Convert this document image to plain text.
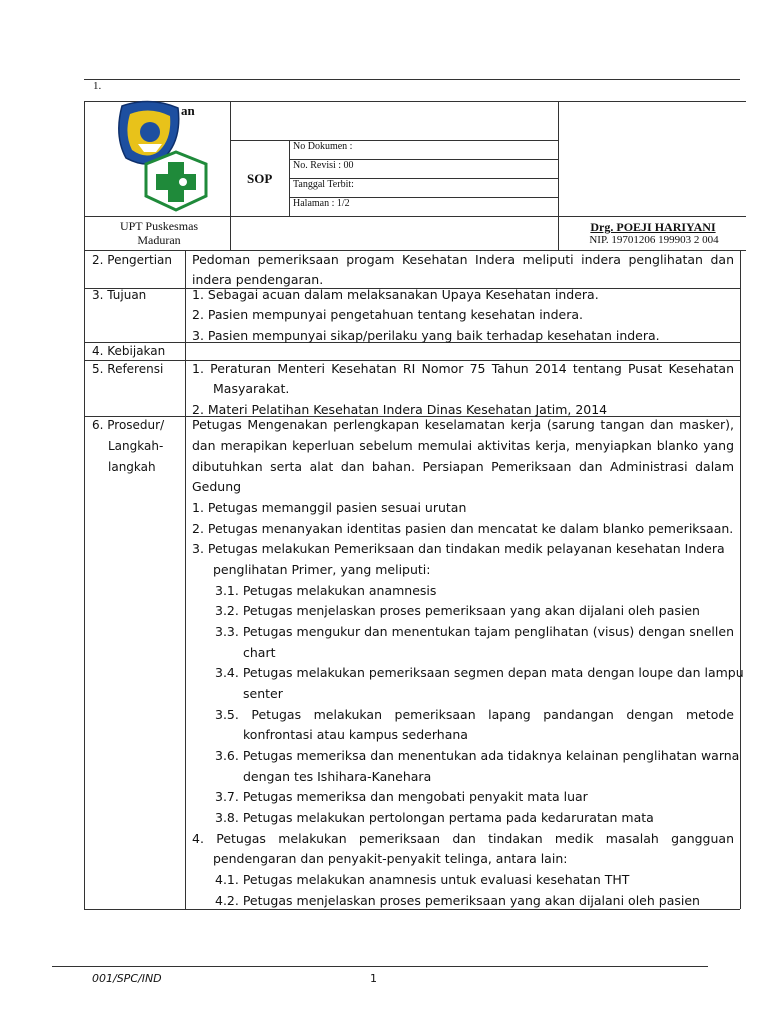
an
SOP
No Dokumen :
No. Revisi : 00
Tanggal Terbit:
Halaman : 1/2
1.
UPT Puskesmas
Maduran
Drg. POEJI HARIYANI
NIP. 19701206 199903 2 004
2. Pengertian Pedoman pemeriksaan progam Kesehatan Indera meliputi indera penglihatan dan
indera pendengaran.
3. Tujuan	1. Sebagai acuan dalam melaksanakan Upaya Kesehatan indera.
2. Pasien mempunyai pengetahuan tentang kesehatan indera.
3. Pasien mempunyai sikap/perilaku yang baik terhadap kesehatan indera.
4. Kebijakan
5. Referensi 1. Peraturan Menteri Kesehatan RI Nomor 75 Tahun 2014 tentang Pusat Kesehatan
Masyarakat.
2. Materi Pelatihan Kesehatan Indera Dinas Kesehatan Jatim, 2014
6. Prosedur/
Langkah-
langkah
Petugas Mengenakan perlengkapan keselamatan kerja (sarung tangan dan masker),
dan merapikan keperluan sebelum memulai aktivitas kerja, menyiapkan blanko yang
dibutuhkan serta alat dan bahan. Persiapan Pemeriksaan dan Administrasi dalam
Gedung
1. Petugas memanggil pasien sesuai urutan
2. Petugas menanyakan identitas pasien dan mencatat ke dalam blanko pemeriksaan.
3. Petugas melakukan Pemeriksaan dan tindakan medik pelayanan kesehatan Indera
penglihatan Primer, yang meliputi:
3.1. Petugas melakukan anamnesis
3.2. Petugas menjelaskan proses pemeriksaan yang akan dijalani oleh pasien
3.3. Petugas mengukur dan menentukan tajam penglihatan (visus) dengan snellen
chart
3.4. Petugas melakukan pemeriksaan segmen depan mata dengan loupe dan lampu
senter
3.5. Petugas melakukan pemeriksaan lapang pandangan dengan metode
konfrontasi atau kampus sederhana
3.6. Petugas memeriksa dan menentukan ada tidaknya kelainan penglihatan warna
dengan tes Ishihara-Kanehara
3.7. Petugas memeriksa dan mengobati penyakit mata luar
3.8. Petugas melakukan pertolongan pertama pada kedaruratan mata
4. Petugas melakukan pemeriksaan dan tindakan medik masalah gangguan
pendengaran dan penyakit-penyakit telinga, antara lain:
4.1. Petugas melakukan anamnesis untuk evaluasi kesehatan THT
4.2. Petugas menjelaskan proses pemeriksaan yang akan dijalani oleh pasien
001/SPC/IND	1
